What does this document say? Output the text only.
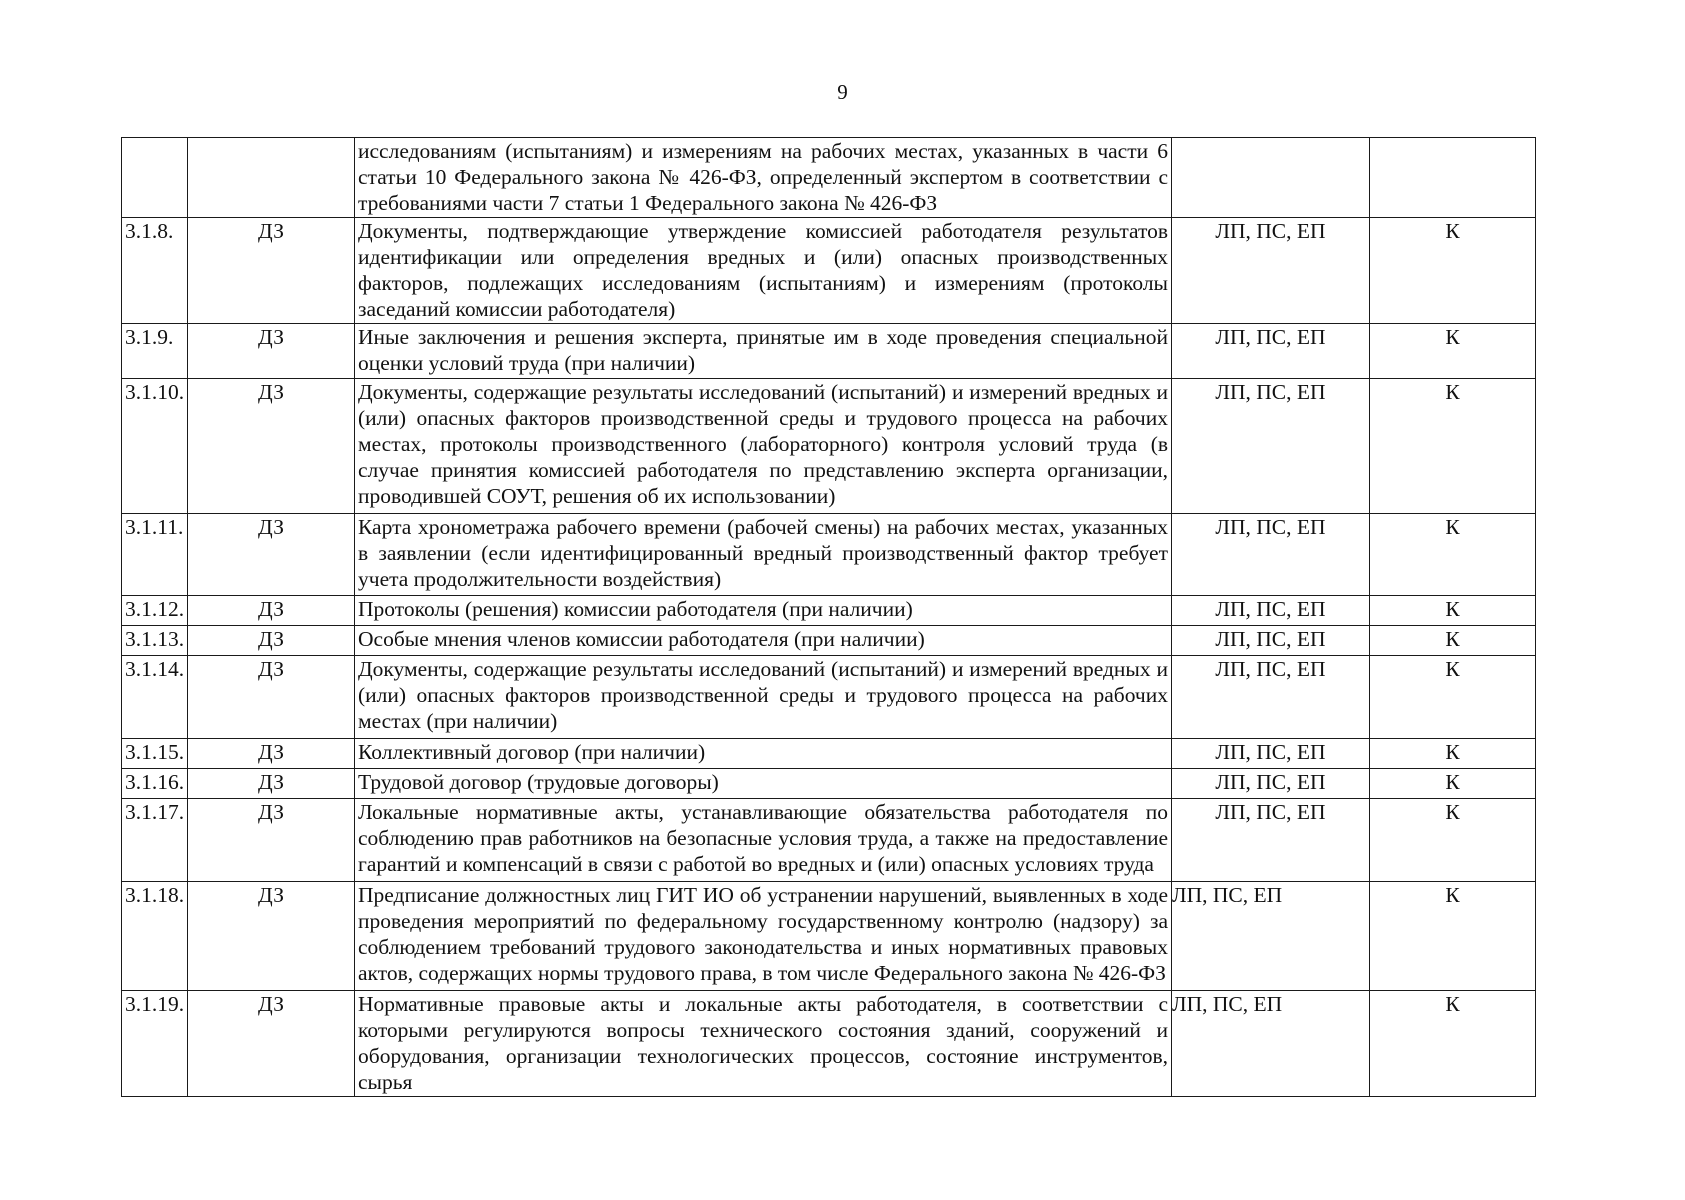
9
		исследованиям (испытаниям) и измерениям на рабочих местах, указанных в части 6 статьи 10 Федерального закона № 426-ФЗ, определенный экспертом в соответствии с требованиями части 7 статьи 1 Федерального закона № 426-ФЗ		
3.1.8.	ДЗ	Документы, подтверждающие утверждение комиссией работодателя результатов идентификации или определения вредных и (или) опасных производственных факторов, подлежащих исследованиям (испытаниям) и измерениям (протоколы заседаний комиссии работодателя)	ЛП, ПС, ЕП	К
3.1.9.	ДЗ	Иные заключения и решения эксперта, принятые им в ходе проведения специальной оценки условий труда (при наличии)	ЛП, ПС, ЕП	К
3.1.10.	ДЗ	Документы, содержащие результаты исследований (испытаний) и измерений вредных и (или) опасных факторов производственной среды и трудового процесса на рабочих местах, протоколы производственного (лабораторного) контроля условий труда (в случае принятия комиссией работодателя по представлению эксперта организации, проводившей СОУТ, решения об их использовании)	ЛП, ПС, ЕП	К
3.1.11.	ДЗ	Карта хронометража рабочего времени (рабочей смены) на рабочих местах, указанных в заявлении (если идентифицированный вредный производственный фактор требует учета продолжительности воздействия)	ЛП, ПС, ЕП	К
3.1.12.	ДЗ	Протоколы (решения) комиссии работодателя (при наличии)	ЛП, ПС, ЕП	К
3.1.13.	ДЗ	Особые мнения членов комиссии работодателя (при наличии)	ЛП, ПС, ЕП	К
3.1.14.	ДЗ	Документы, содержащие результаты исследований (испытаний) и измерений вредных и (или) опасных факторов производственной среды и трудового процесса на рабочих местах (при наличии)	ЛП, ПС, ЕП	К
3.1.15.	ДЗ	Коллективный договор (при наличии)	ЛП, ПС, ЕП	К
3.1.16.	ДЗ	Трудовой договор (трудовые договоры)	ЛП, ПС, ЕП	К
3.1.17.	ДЗ	Локальные нормативные акты, устанавливающие обязательства работодателя по соблюдению прав работников на безопасные условия труда, а также на предоставление гарантий и компенсаций в связи с работой во вредных и (или) опасных условиях труда	ЛП, ПС, ЕП	К
3.1.18.	ДЗ	Предписание должностных лиц ГИТ ИО об устранении нарушений, выявленных в ходе проведения мероприятий по федеральному государственному контролю (надзору) за соблюдением требований трудового законодательства и иных нормативных правовых актов, содержащих нормы трудового права, в том числе Федерального закона № 426-ФЗ	ЛП, ПС, ЕП	К
3.1.19.	ДЗ	Нормативные правовые акты и локальные акты работодателя, в соответствии с которыми регулируются вопросы технического состояния зданий, сооружений и оборудования, организации технологических процессов, состояние инструментов, сырья	ЛП, ПС, ЕП	К
